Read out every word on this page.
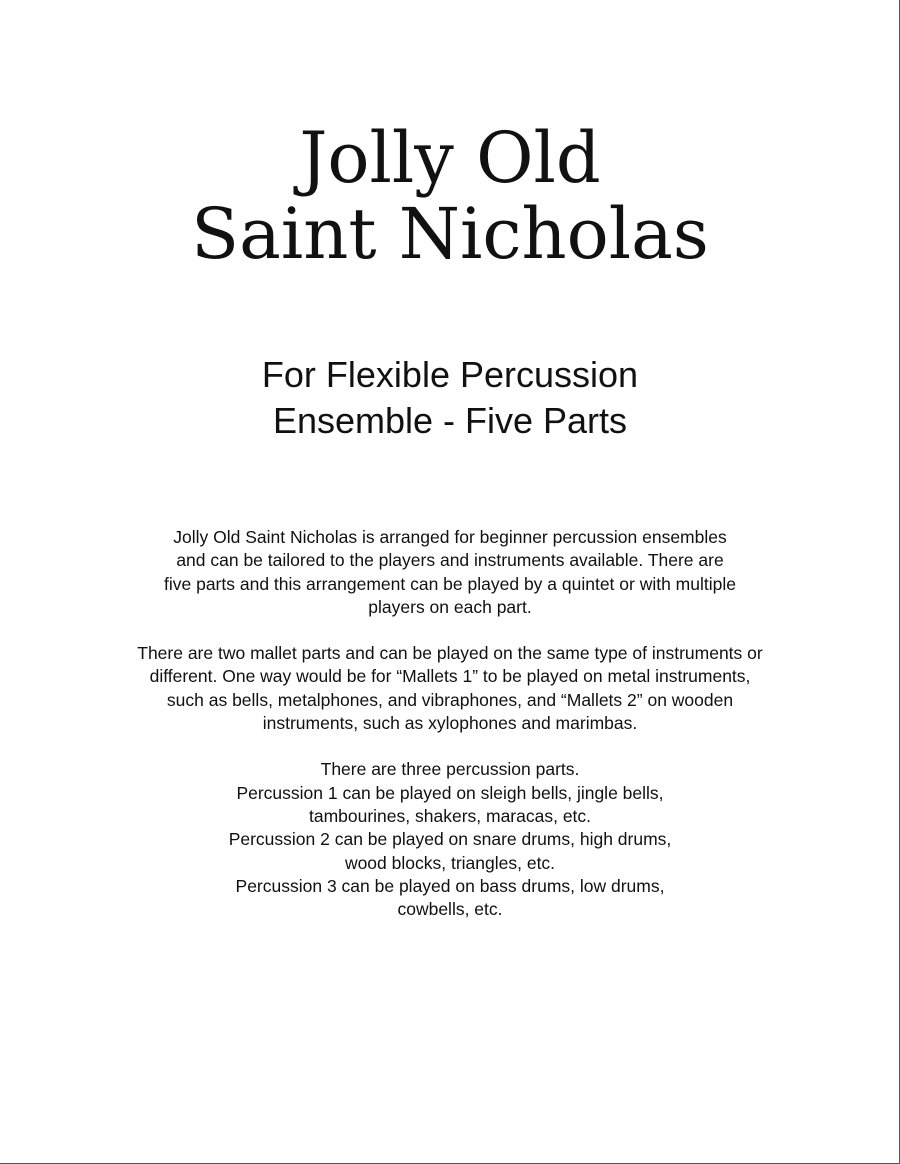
Jolly Old
Saint Nicholas
For Flexible Percussion
Ensemble - Five Parts

Jolly Old Saint Nicholas is arranged for beginner percussion ensembles
and can be tailored to the players and instruments available. There are
five parts and this arrangement can be played by a quintet or with multiple
players on each part.

There are two mallet parts and can be played on the same type of instruments or
different. One way would be for “Mallets 1” to be played on metal instruments,
such as bells, metalphones, and vibraphones, and “Mallets 2” on wooden
instruments, such as xylophones and marimbas.

There are three percussion parts.
Percussion 1 can be played on sleigh bells, jingle bells,
tambourines, shakers, maracas, etc.
Percussion 2 can be played on snare drums, high drums,
wood blocks, triangles, etc.
Percussion 3 can be played on bass drums, low drums,
cowbells, etc.
